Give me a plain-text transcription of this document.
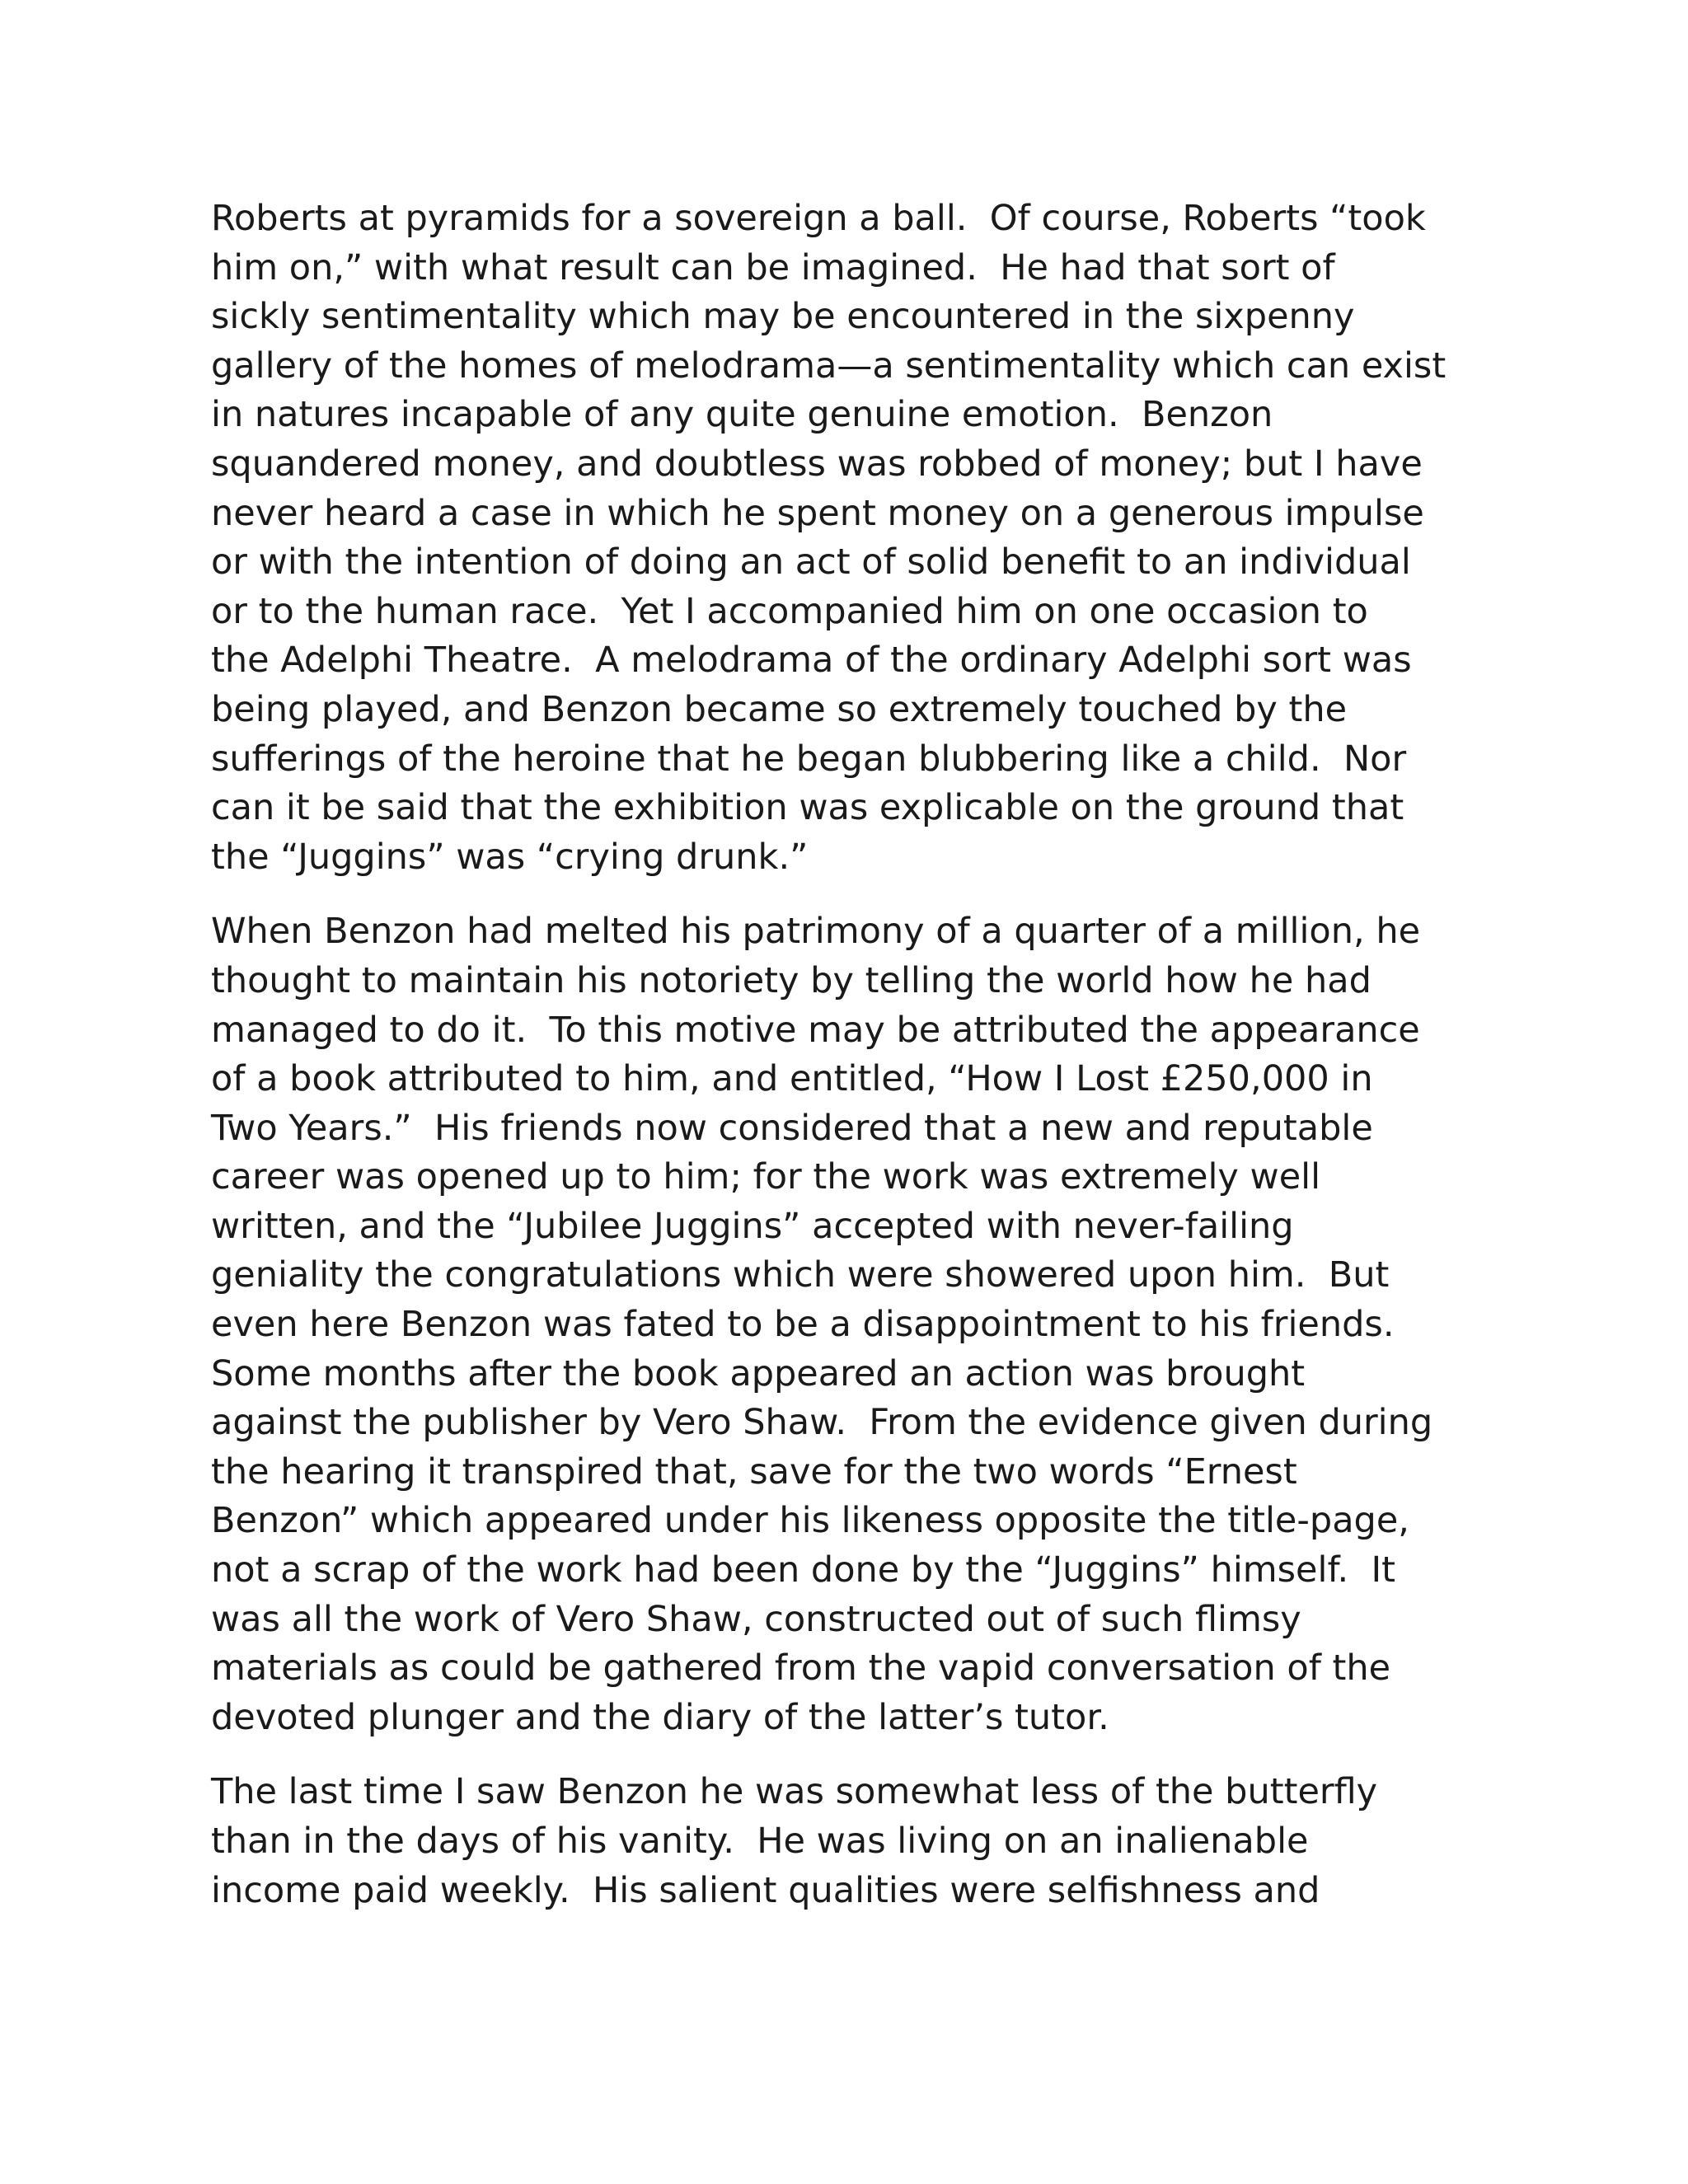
Roberts at pyramids for a sovereign a ball.  Of course, Roberts “took
him on,” with what result can be imagined.  He had that sort of
sickly sentimentality which may be encountered in the sixpenny
gallery of the homes of melodrama—a sentimentality which can exist
in natures incapable of any quite genuine emotion.  Benzon
squandered money, and doubtless was robbed of money; but I have
never heard a case in which he spent money on a generous impulse
or with the intention of doing an act of solid benefit to an individual
or to the human race.  Yet I accompanied him on one occasion to
the Adelphi Theatre.  A melodrama of the ordinary Adelphi sort was
being played, and Benzon became so extremely touched by the
sufferings of the heroine that he began blubbering like a child.  Nor
can it be said that the exhibition was explicable on the ground that
the “Juggins” was “crying drunk.”

When Benzon had melted his patrimony of a quarter of a million, he
thought to maintain his notoriety by telling the world how he had
managed to do it.  To this motive may be attributed the appearance
of a book attributed to him, and entitled, “How I Lost £250,000 in
Two Years.”  His friends now considered that a new and reputable
career was opened up to him; for the work was extremely well
written, and the “Jubilee Juggins” accepted with never-failing
geniality the congratulations which were showered upon him.  But
even here Benzon was fated to be a disappointment to his friends.
Some months after the book appeared an action was brought
against the publisher by Vero Shaw.  From the evidence given during
the hearing it transpired that, save for the two words “Ernest
Benzon” which appeared under his likeness opposite the title-page,
not a scrap of the work had been done by the “Juggins” himself.  It
was all the work of Vero Shaw, constructed out of such flimsy
materials as could be gathered from the vapid conversation of the
devoted plunger and the diary of the latter’s tutor.

The last time I saw Benzon he was somewhat less of the butterfly
than in the days of his vanity.  He was living on an inalienable
income paid weekly.  His salient qualities were selfishness and
